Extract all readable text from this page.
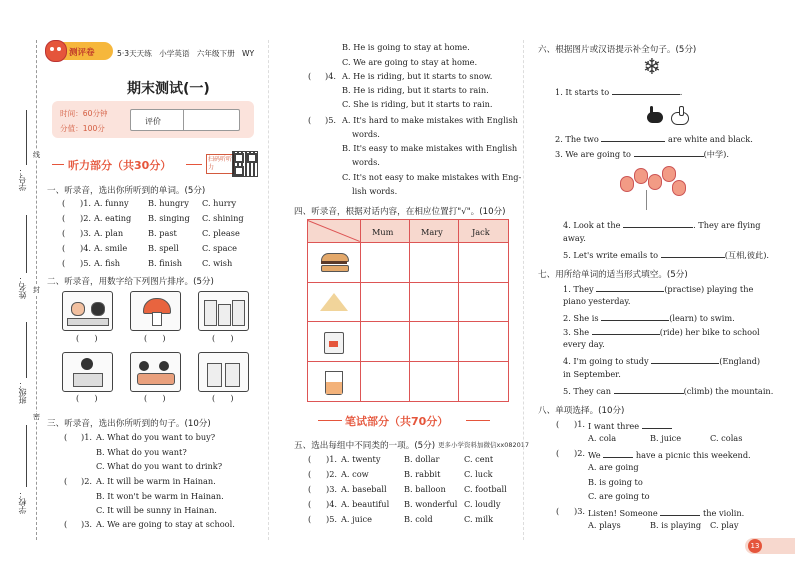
学号：
姓名：
班级：
学校：
线
封
密
测评卷	5·3天天练 小学英语 六年级下册 WY
期末测试(一)
时间：60分钟
分值：100分
评价
听力部分（共30分）	扫码听听力
一、听录音，选出你所听到的单词。(5分)
( )1. A. funny B. hungry C. hurry
( )2. A. eating B. singing C. shining
( )3. A. plan	B. past	C. please
( )4. A. smile	B. spell	C. space
( )5. A. fish	B. finish C. wish
二、听录音，用数字给下列图片排序。(5分)
(      )	(      )	(      )
(      )	(      )	(      )
三、听录音，选出你所听到的句子。(10分)
( )1. A. What do you want to buy?
B. What do you want?
C. What do you want to drink?
( )2. A. It will be warm in Hainan.
B. It won't be warm in Hainan.
C. It will be sunny in Hainan.
( )3. A. We are going to stay at school.
B. He is going to stay at home.
C. We are going to stay at home.
( )4. A. He is riding, but it starts to snow.
B. He is riding, but it starts to rain.
C. She is riding, but it starts to rain.
( )5. A. It's hard to make mistakes with English
words.
B. It's easy to make mistakes with English
words.
C. It's not easy to make mistakes with Eng-
lish words.
四、听录音，根据对话内容，在相应位置打"√"。(10分)
Mum	Mary	Jack
笔试部分（共70分）
五、选出每组中不同类的一项。(5分) 更多小学资料加微信xx082017
( )1. A. twenty	B. dollar	C. cent
( )2. A. cow	B. rabbit	C. luck
( )3. A. baseball B. balloon C. football
( )4. A. beautiful B. wonderful C. loudly
( )5. A. juice	B. cold	C. milk
六、根据图片或汉语提示补全句子。(5分)
❄
1. It starts to	.
2. The two	are white and black.
3. We are going to	(中学).
4. Look at the	. They are flying
away.
5. Let's write emails to	(互相,彼此).
七、用所给单词的适当形式填空。(5分)
1. They	(practise) playing the
piano yesterday.
2. She is	(learn) to swim.
3. She	(ride) her bike to school
every day.
4. I'm going to study	(England)
in September.
5. They can	(climb) the mountain.
八、单项选择。(10分)
( )1. I want three
A. cola	B. juice	C. colas
( )2. We	have a picnic this weekend.
A. are going
B. is going to
C. are going to
( )3. Listen! Someone	the violin.
A. plays	B. is playing C. play
13
